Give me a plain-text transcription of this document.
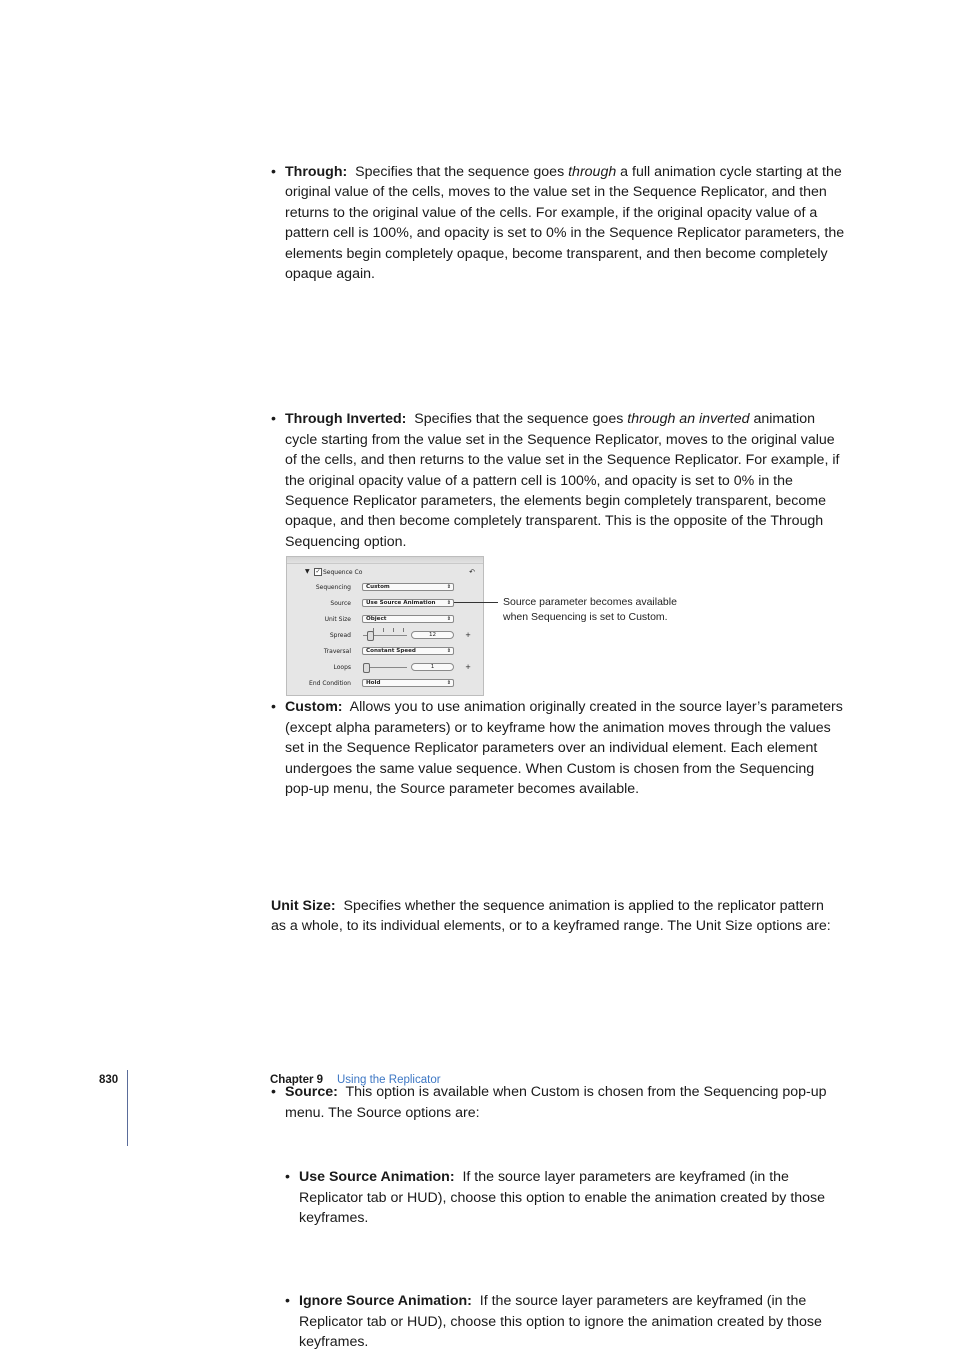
• Through: Specifies that the sequence goes through a full animation cycle starting at the original value of the cells, moves to the value set in the Sequence Replicator, and then returns to the original value of the cells. For example, if the original opacity value of a pattern cell is 100%, and opacity is set to 0% in the Sequence Replicator parameters, the elements begin completely opaque, become transparent, and then become completely opaque again.
• Through Inverted: Specifies that the sequence goes through an inverted animation cycle starting from the value set in the Sequence Replicator, moves to the original value of the cells, and then returns to the value set in the Sequence Replicator. For example, if the original opacity value of a pattern cell is 100%, and opacity is set to 0% in the Sequence Replicator parameters, the elements begin completely transparent, become opaque, and then become completely transparent. This is the opposite of the Through Sequencing option.
• Custom: Allows you to use animation originally created in the source layer’s parameters (except alpha parameters) or to keyframe how the animation moves through the values set in the Sequence Replicator parameters over an individual element. Each element undergoes the same value sequence. When Custom is chosen from the Sequencing pop-up menu, the Source parameter becomes available.
▼ ✓ Sequence Co	↶
Sequencing	Custom	⇕
Source	Use Source Animation ⇕
Unit Size	Object	⇕
Spread	12	+
Traversal	Constant Speed	⇕
Loops	1	+
End Condition	Hold	⇕
Source parameter becomes available when Sequencing is set to Custom.
• Source: This option is available when Custom is chosen from the Sequencing pop-up menu. The Source options are:
• Use Source Animation: If the source layer parameters are keyframed (in the Replicator tab or HUD), choose this option to enable the animation created by those keyframes.
• Ignore Source Animation: If the source layer parameters are keyframed (in the Replicator tab or HUD), choose this option to ignore the animation created by those keyframes.
Unit Size: Specifies whether the sequence animation is applied to the replicator pattern as a whole, to its individual elements, or to a keyframed range. The Unit Size options are:
830	Chapter 9 Using the Replicator
